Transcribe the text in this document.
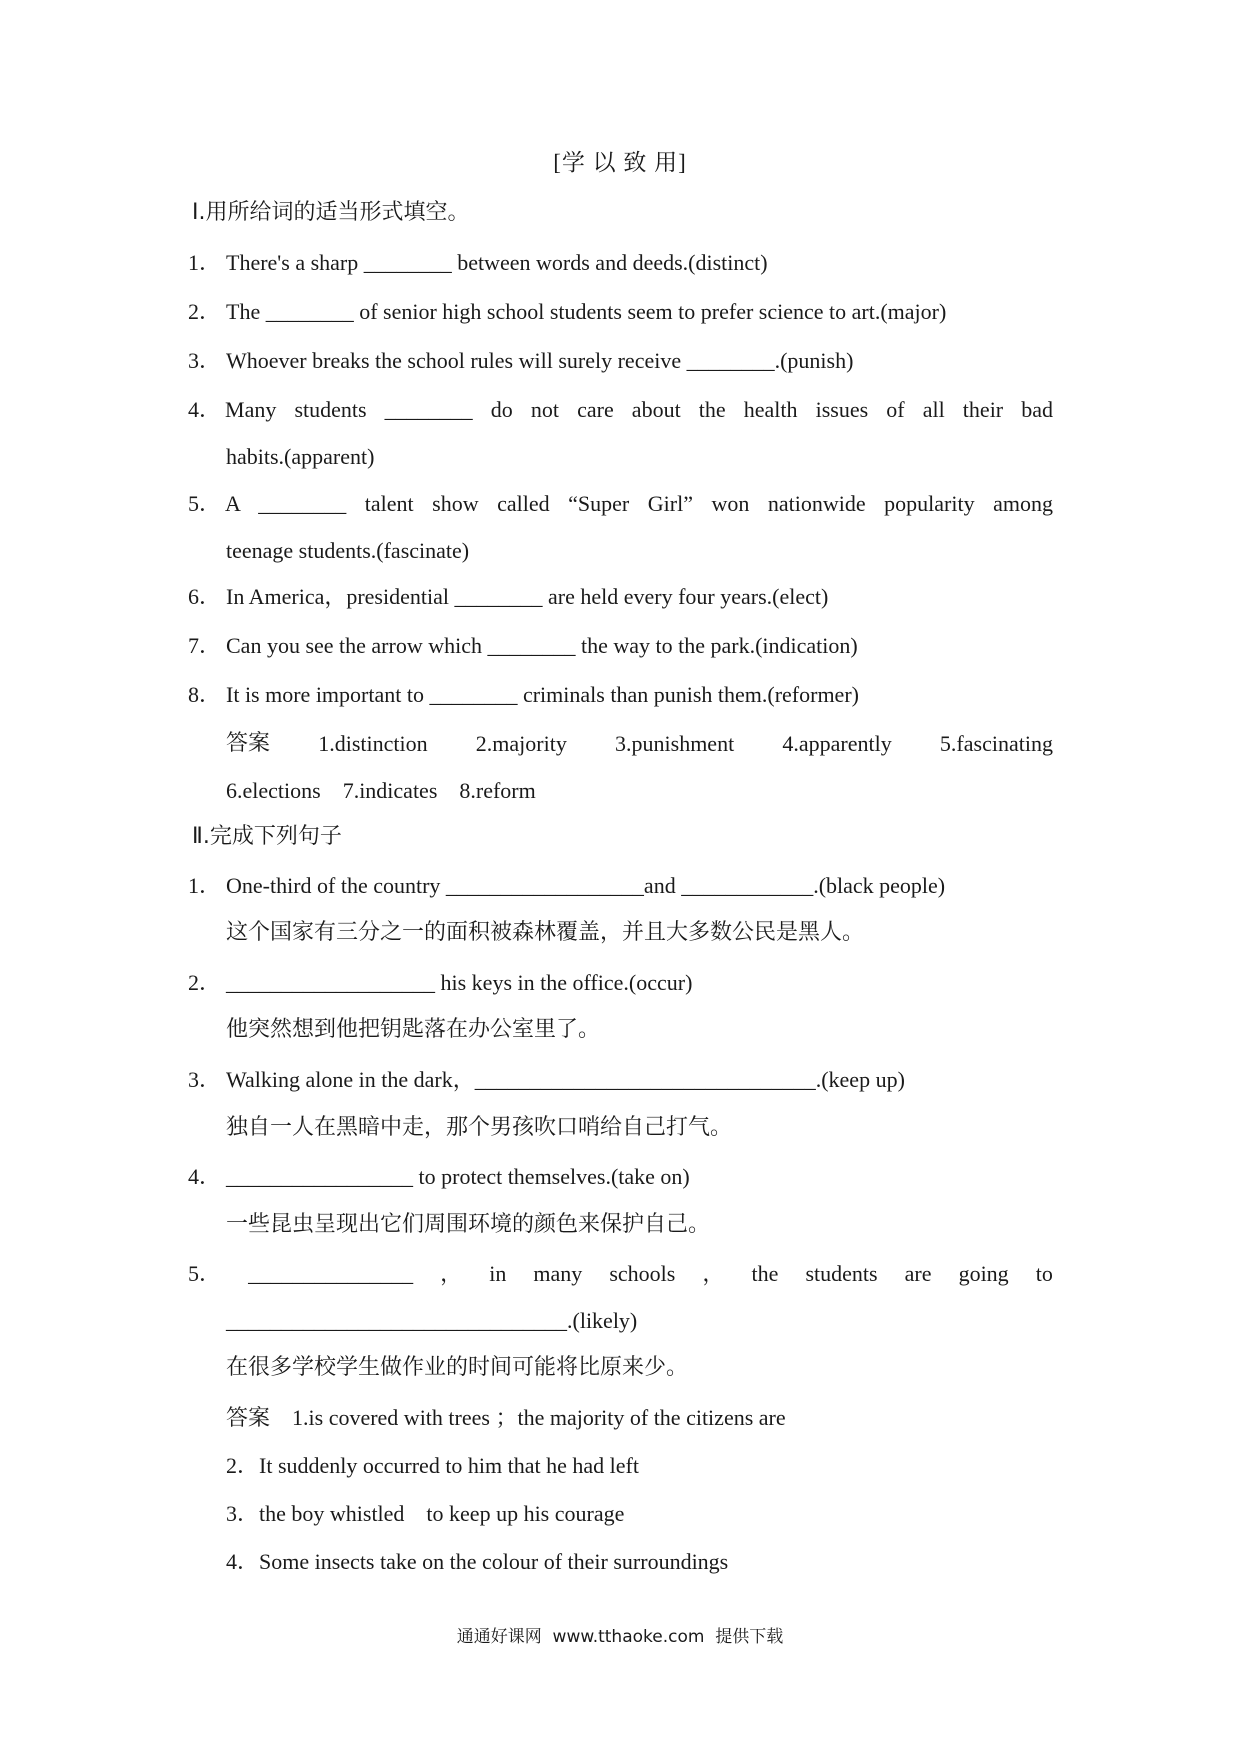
[学 以 致 用]
Ⅰ.用所给词的适当形式填空。
1． There's a sharp ________ between words and deeds.(distinct)
2． The ________ of senior high school students seem to prefer science to art.(major)
3． Whoever breaks the school rules will surely receive ________.(punish)
4． Many students ________ do not care about the health issues of all their bad
habits.(apparent)
5． A ________ talent show called “Super Girl” won nationwide popularity among
teenage students.(fascinate)
6． In America，presidential ________ are held every four years.(elect)
7． Can you see the arrow which ________ the way to the park.(indication)
8． It is more important to ________ criminals than punish them.(reformer)
答案 1.distinction 2.majority 3.punishment 4.apparently 5.fascinating
6.elections　7.indicates　8.reform
Ⅱ.完成下列句子
1． One-third of the country __________________and ____________.(black people)
这个国家有三分之一的面积被森林覆盖，并且大多数公民是黑人。
2． ___________________ his keys in the office.(occur)
他突然想到他把钥匙落在办公室里了。
3． Walking alone in the dark，_______________________________.(keep up)
独自一人在黑暗中走，那个男孩吹口哨给自己打气。
4． _________________ to protect themselves.(take on)
一些昆虫呈现出它们周围环境的颜色来保护自己。
5． _______________ ， in many schools ， the students are going to
_______________________________.(likely)
在很多学校学生做作业的时间可能将比原来少。
答案 1.is covered with trees ；the majority of the citizens are
2．It suddenly occurred to him that he had left
3．the boy whistled　to keep up his courage
4．Some insects take on the colour of their surroundings
通通好课网  www.tthaoke.com  提供下载
